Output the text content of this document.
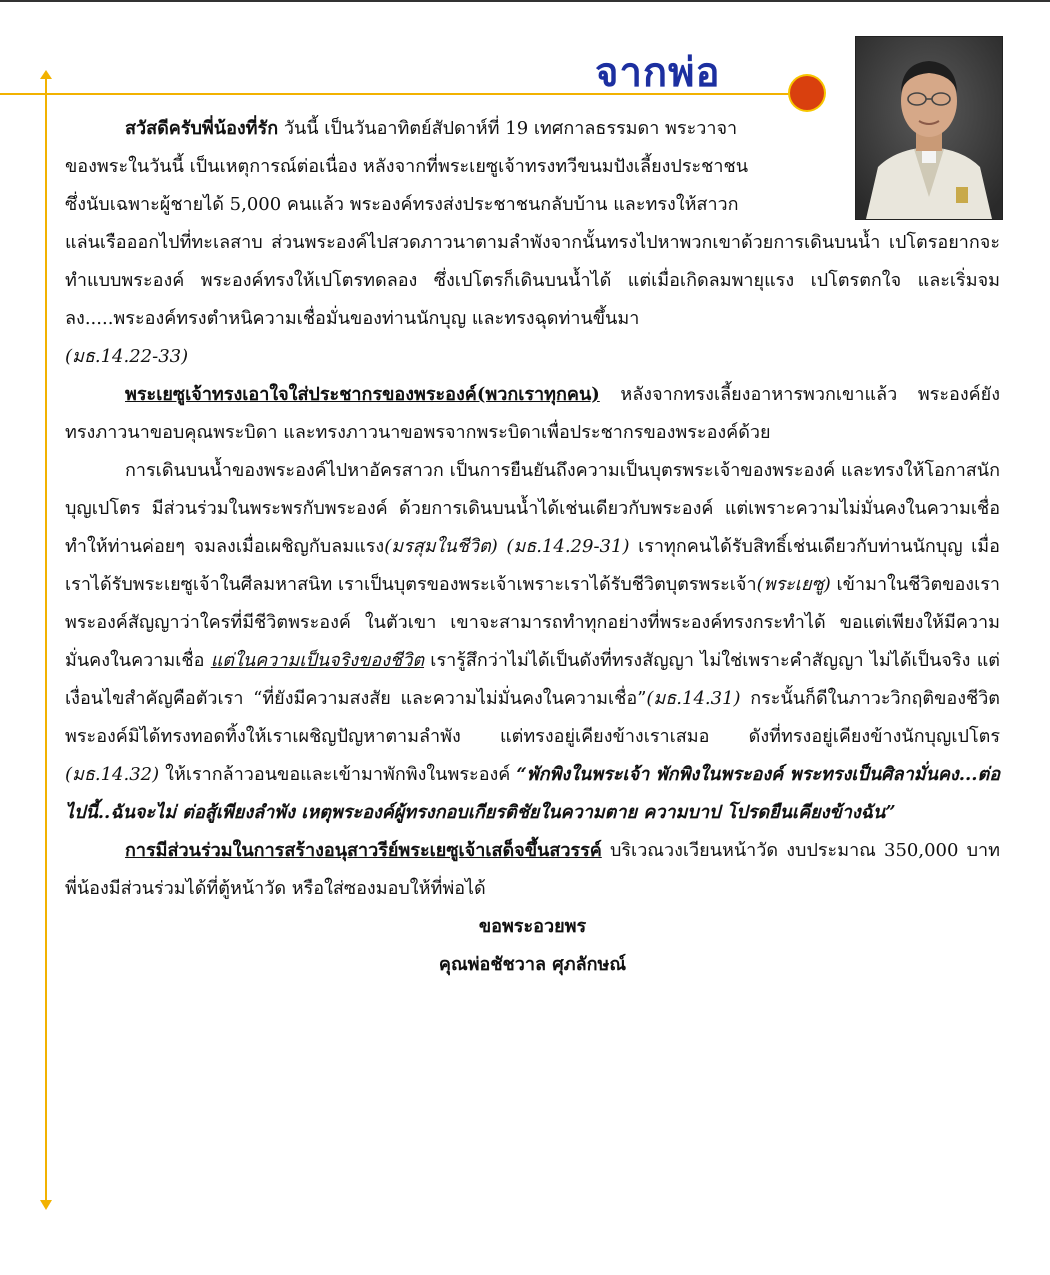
จากพ่อ

สวัสดีครับพี่น้องที่รัก วันนี้ เป็นวันอาทิตย์สัปดาห์ที่ 19 เทศกาลธรรมดา พระวาจา

ของพระในวันนี้ เป็นเหตุการณ์ต่อเนื่อง หลังจากที่พระเยซูเจ้าทรงทวีขนมปังเลี้ยงประชาชน

ซึ่งนับเฉพาะผู้ชายได้ 5,000 คนแล้ว พระองค์ทรงส่งประชาชนกลับบ้าน และทรงให้สาวก

แล่นเรือออกไปที่ทะเลสาบ ส่วนพระองค์ไปสวดภาวนาตามลำพังจากนั้นทรงไปหาพวกเขาด้วยการเดินบนน้ำ เปโตรอยากจะทำแบบพระองค์ พระองค์ทรงให้เปโตรทดลอง ซึ่งเปโตรก็เดินบนน้ำได้ แต่เมื่อเกิดลมพายุแรง เปโตรตกใจ และเริ่มจมลง.....พระองค์ทรงตำหนิความเชื่อมั่นของท่านนักบุญ และทรงฉุดท่านขึ้นมา

(มธ.14.22-33)

พระเยซูเจ้าทรงเอาใจใส่ประชากรของพระองค์(พวกเราทุกคน) หลังจากทรงเลี้ยงอาหารพวกเขาแล้ว พระองค์ยังทรงภาวนาขอบคุณพระบิดา และทรงภาวนาขอพรจากพระบิดาเพื่อประชากรของพระองค์ด้วย

การเดินบนน้ำของพระองค์ไปหาอัครสาวก เป็นการยืนยันถึงความเป็นบุตรพระเจ้าของพระองค์ และทรงให้โอกาสนักบุญเปโตร มีส่วนร่วมในพระพรกับพระองค์ ด้วยการเดินบนน้ำได้เช่นเดียวกับพระองค์ แต่เพราะความไม่มั่นคงในความเชื่อ ทำให้ท่านค่อยๆ จมลงเมื่อเผชิญกับลมแรง(มรสุมในชีวิต) (มธ.14.29-31) เราทุกคนได้รับสิทธิ์เช่นเดียวกับท่านนักบุญ เมื่อเราได้รับพระเยซูเจ้าในศีลมหาสนิท เราเป็นบุตรของพระเจ้าเพราะเราได้รับชีวิตบุตรพระเจ้า(พระเยซู) เข้ามาในชีวิตของเรา พระองค์สัญญาว่าใครที่มีชีวิตพระองค์ ในตัวเขา เขาจะสามารถทำทุกอย่างที่พระองค์ทรงกระทำได้ ขอแต่เพียงให้มีความมั่นคงในความเชื่อ แต่ในความเป็นจริงของชีวิต เรารู้สึกว่าไม่ได้เป็นดังที่ทรงสัญญา ไม่ใช่เพราะคำสัญญา ไม่ได้เป็นจริง แต่เงื่อนไขสำคัญคือตัวเรา “ที่ยังมีความสงสัย และความไม่มั่นคงในความเชื่อ”(มธ.14.31) กระนั้นก็ดีในภาวะวิกฤติของชีวิต พระองค์มิได้ทรงทอดทิ้งให้เราเผชิญปัญหาตามลำพัง แต่ทรงอยู่เคียงข้างเราเสมอ ดังที่ทรงอยู่เคียงข้างนักบุญเปโตร (มธ.14.32) ให้เรากล้าวอนขอและเข้ามาพักพิงในพระองค์ “พักพิงในพระเจ้า พักพิงในพระองค์ พระทรงเป็นศิลามั่นคง...ต่อไปนี้..ฉันจะไม่ ต่อสู้เพียงลำพัง เหตุพระองค์ผู้ทรงกอบเกียรติชัยในความตาย ความบาป โปรดยืนเคียงข้างฉัน”

การมีส่วนร่วมในการสร้างอนุสาวรีย์พระเยซูเจ้าเสด็จขึ้นสวรรค์ บริเวณวงเวียนหน้าวัด งบประมาณ 350,000 บาท พี่น้องมีส่วนร่วมได้ที่ตู้หน้าวัด หรือใส่ซองมอบให้ที่พ่อได้

ขอพระอวยพร

คุณพ่อชัชวาล ศุภลักษณ์
